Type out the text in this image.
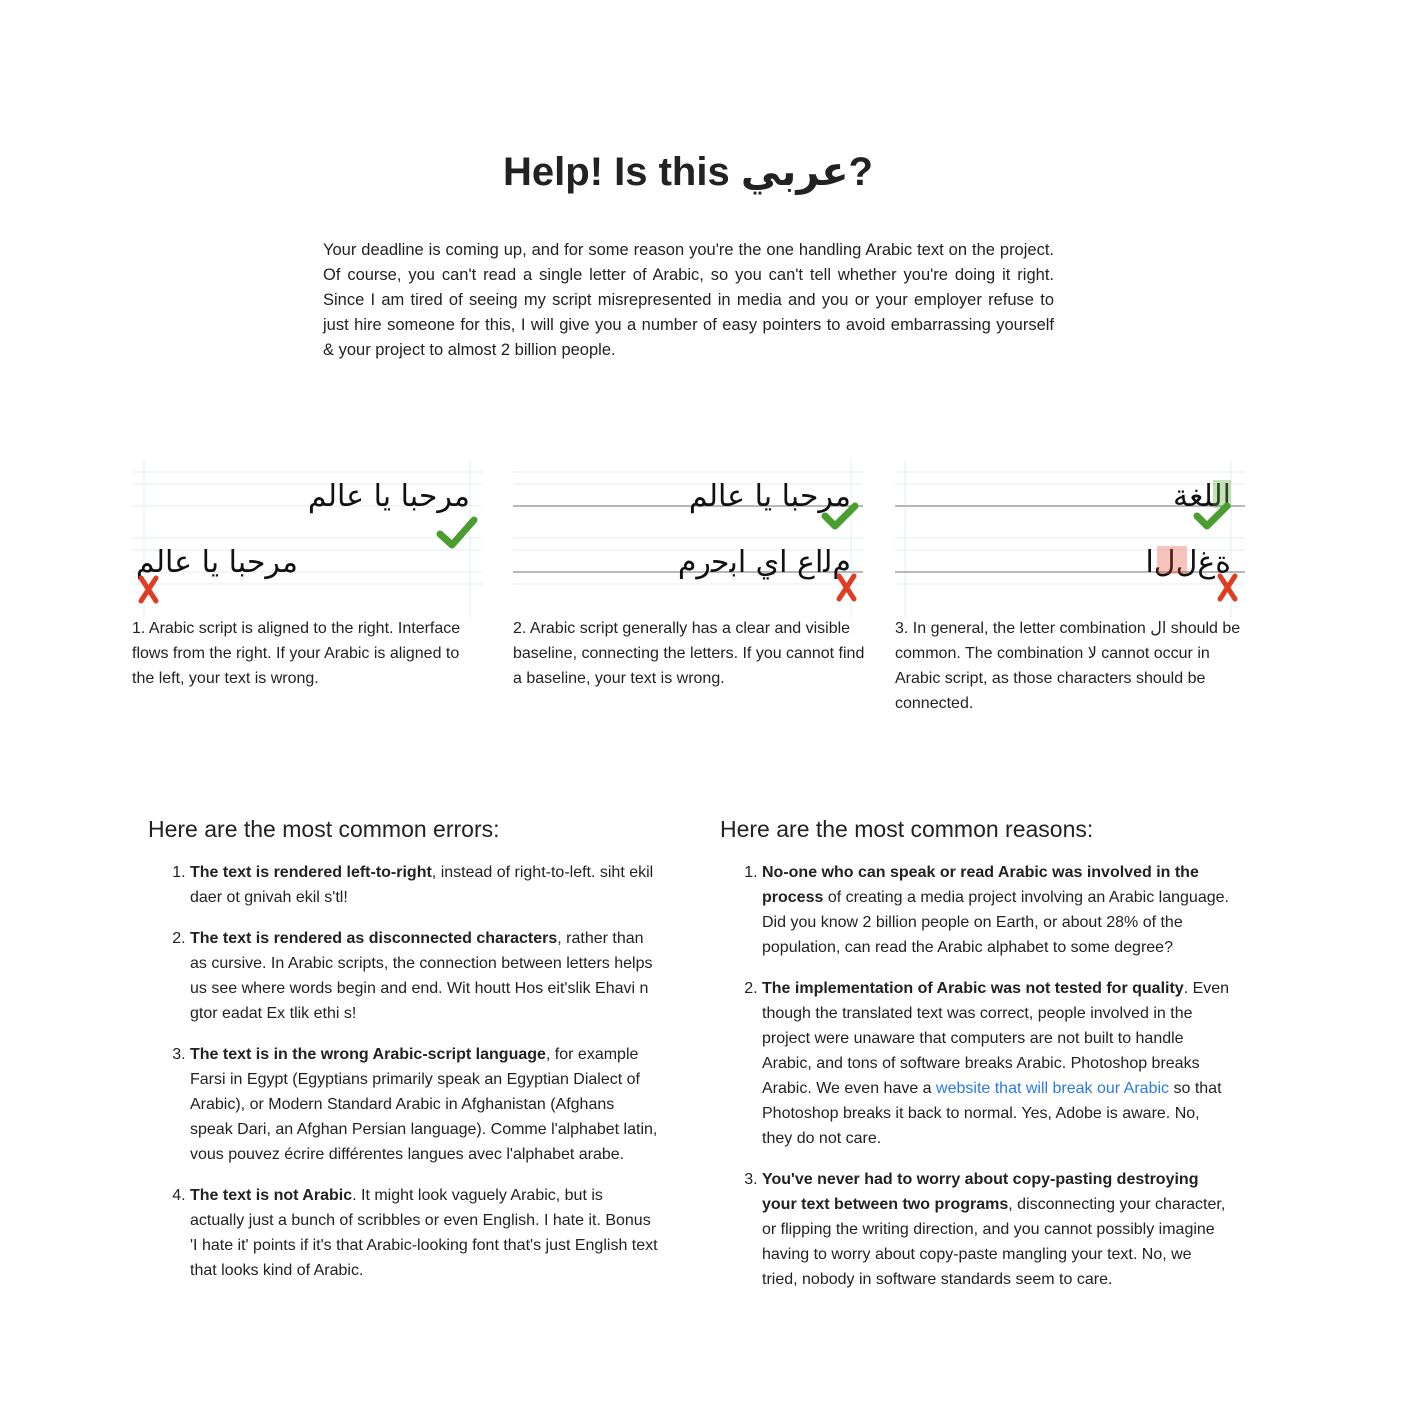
Help! Is this عربي?

Your deadline is coming up, and for some reason you're the one handling Arabic text on the project. Of course, you can't read a single letter of Arabic, so you can't tell whether you're doing it right. Since I am tired of seeing my script misrepresented in media and you or your employer refuse to just hire someone for this, I will give you a number of easy pointers to avoid embarrassing yourself & your project to almost 2 billion people.

مرحبا يا عالم
مرحبا يا عالم

1. Arabic script is aligned to the right. Interface flows from the right. If your Arabic is aligned to the left, your text is wrong.

مرحبا يا عالم
ﻡﻟﺍﻉ ﺍﻱ ﺍﺑﺣﺭﻡ

2. Arabic script generally has a clear and visible baseline, connecting the letters. If you cannot find a baseline, your text is wrong.

اللغة
ﺓﻍﻝﻝﺍ

3. In general, the letter combination ال should be common. The combination لا cannot occur in Arabic script, as those characters should be connected.

Here are the most common errors:
1. The text is rendered left-to-right, instead of right-to-left. siht ekil daer ot gnivah ekil s'tl!
2. The text is rendered as disconnected characters, rather than as cursive. In Arabic scripts, the connection between letters helps us see where words begin and end. Wit houtt Hos eit'slik Ehavi n gtor eadat Ex tlik ethi s!
3. The text is in the wrong Arabic-script language, for example Farsi in Egypt (Egyptians primarily speak an Egyptian Dialect of Arabic), or Modern Standard Arabic in Afghanistan (Afghans speak Dari, an Afghan Persian language). Comme l'alphabet latin, vous pouvez écrire différentes langues avec l'alphabet arabe.
4. The text is not Arabic. It might look vaguely Arabic, but is actually just a bunch of scribbles or even English. I hate it. Bonus 'I hate it' points if it's that Arabic-looking font that's just English text that looks kind of Arabic.
Here are the most common reasons:
1. No-one who can speak or read Arabic was involved in the process of creating a media project involving an Arabic language. Did you know 2 billion people on Earth, or about 28% of the population, can read the Arabic alphabet to some degree?
2. The implementation of Arabic was not tested for quality. Even though the translated text was correct, people involved in the project were unaware that computers are not built to handle Arabic, and tons of software breaks Arabic. Photoshop breaks Arabic. We even have a website that will break our Arabic so that Photoshop breaks it back to normal. Yes, Adobe is aware. No, they do not care.
3. You've never had to worry about copy-pasting destroying your text between two programs, disconnecting your character, or flipping the writing direction, and you cannot possibly imagine having to worry about copy-paste mangling your text. No, we tried, nobody in software standards seem to care.
